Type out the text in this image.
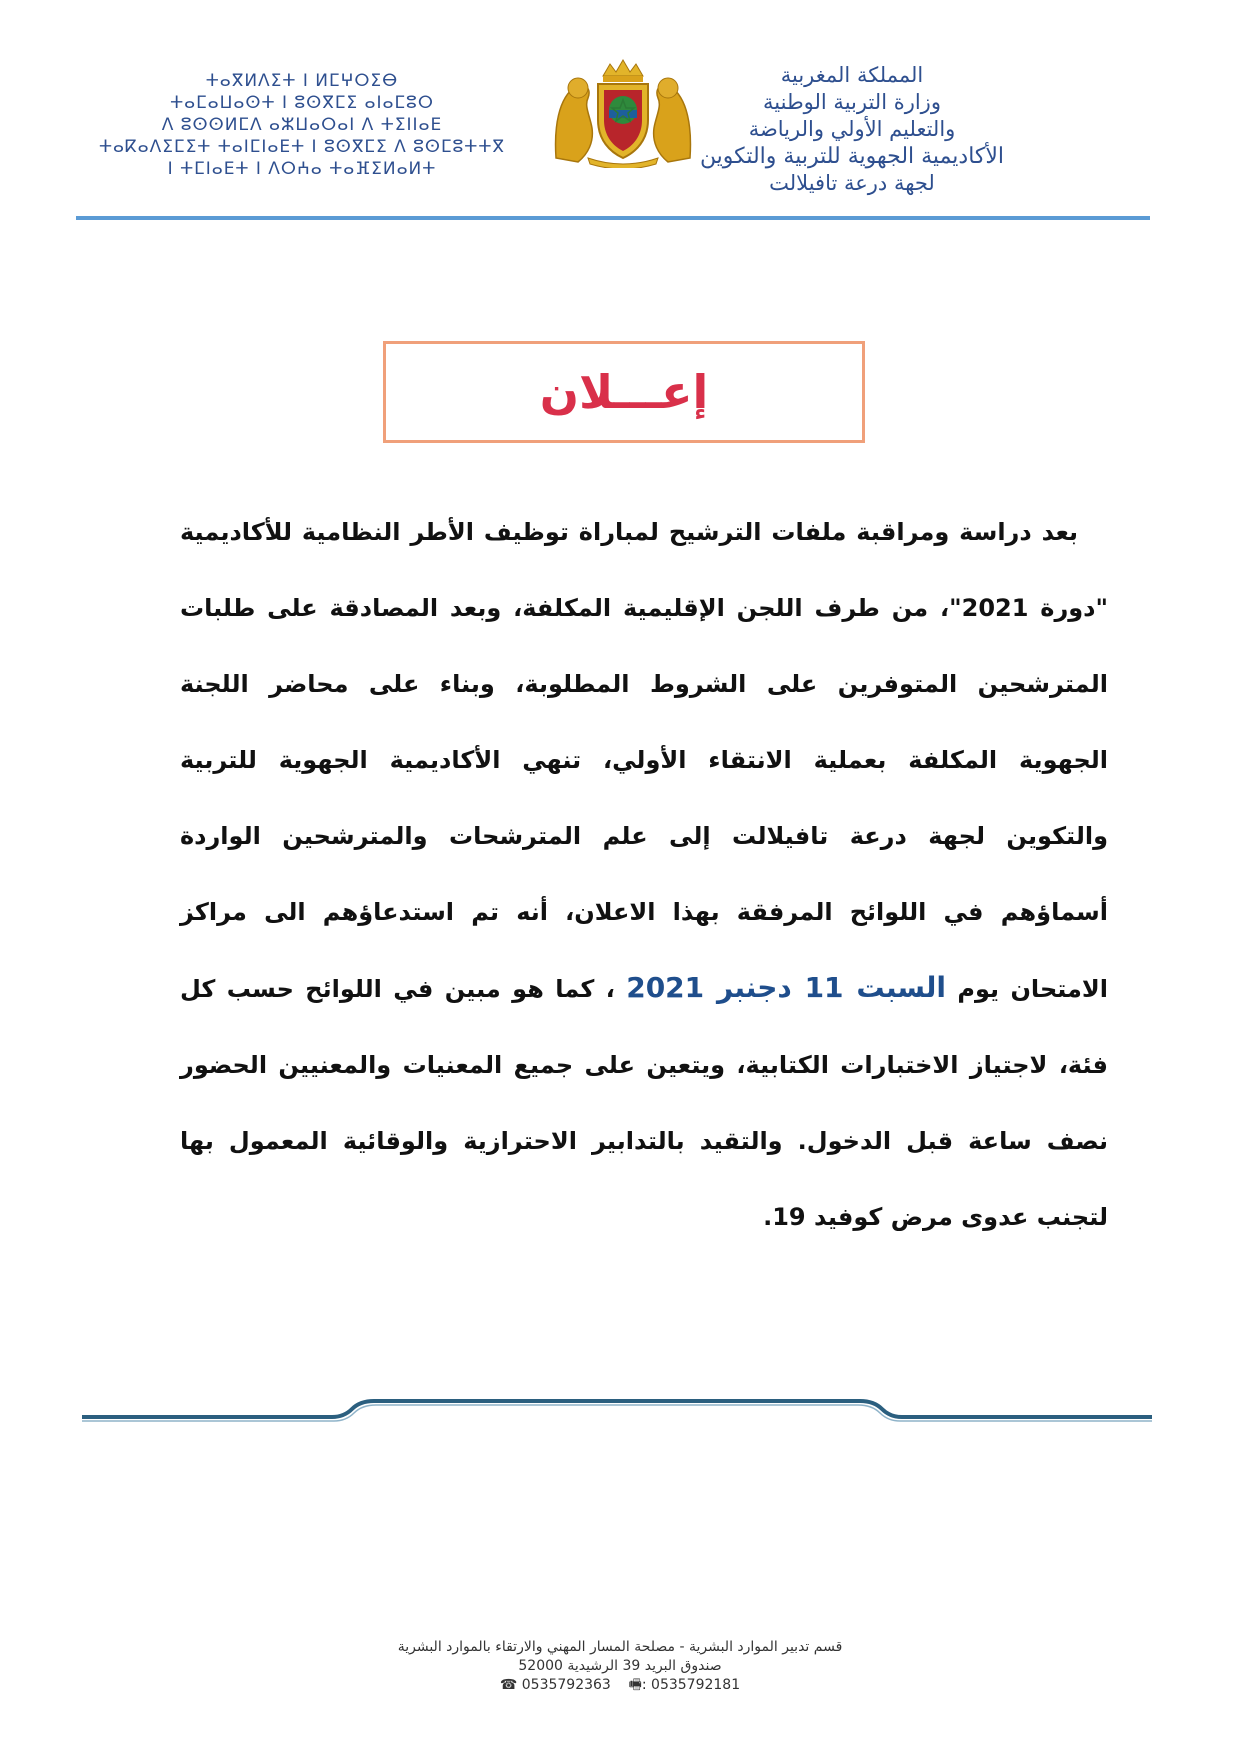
المملكة المغربية
وزارة التربية الوطنية
والتعليم الأولي والرياضة
الأكاديمية الجهوية للتربية والتكوين
لجهة درعة تافيلالت
ⵜⴰⴳⵍⴷⵉⵜ ⵏ ⵍⵎⵖⵔⵉⴱ
ⵜⴰⵎⴰⵡⴰⵙⵜ ⵏ ⵓⵙⴳⵎⵉ ⴰⵏⴰⵎⵓⵔ
ⴷ ⵓⵙⵙⵍⵎⴷ ⴰⵣⵡⴰⵔⴰⵏ ⴷ ⵜⵉⵏⵏⴰⴹ
ⵜⴰⴽⴰⴷⵉⵎⵉⵜ ⵜⴰⵏⵎⵏⴰⴹⵜ ⵏ ⵓⵙⴳⵎⵉ ⴷ ⵓⵙⵎⵓⵜⵜⴳ
ⵏ ⵜⵎⵏⴰⴹⵜ ⵏ ⴷⵔⵄⴰ ⵜⴰⴼⵉⵍⴰⵍⵜ
إعـــلان

بعد دراسة ومراقبة ملفات الترشيح لمباراة توظيف الأطر النظامية للأكاديمية "دورة 2021"، من طرف اللجن الإقليمية المكلفة، وبعد المصادقة على طلبات المترشحين المتوفرين على الشروط المطلوبة، وبناء على محاضر اللجنة الجهوية المكلفة بعملية الانتقاء الأولي، تنهي الأكاديمية الجهوية للتربية والتكوين لجهة درعة تافيلالت إلى علم المترشحات والمترشحين الواردة أسماؤهم في اللوائح المرفقة بهذا الاعلان، أنه تم استدعاؤهم الى مراكز الامتحان يوم السبت 11 دجنبر 2021 ، كما هو مبين في اللوائح حسب كل فئة، لاجتياز الاختبارات الكتابية، ويتعين على جميع المعنيات والمعنيين الحضور نصف ساعة قبل الدخول. والتقيد بالتدابير الاحترازية والوقائية المعمول بها لتجنب عدوى مرض كوفيد 19.

قسم تدبير الموارد البشرية - مصلحة المسار المهني والارتقاء بالموارد البشرية
صندوق البريد 39 الرشيدية 52000
☎ 0535792363 🖷: 0535792181
